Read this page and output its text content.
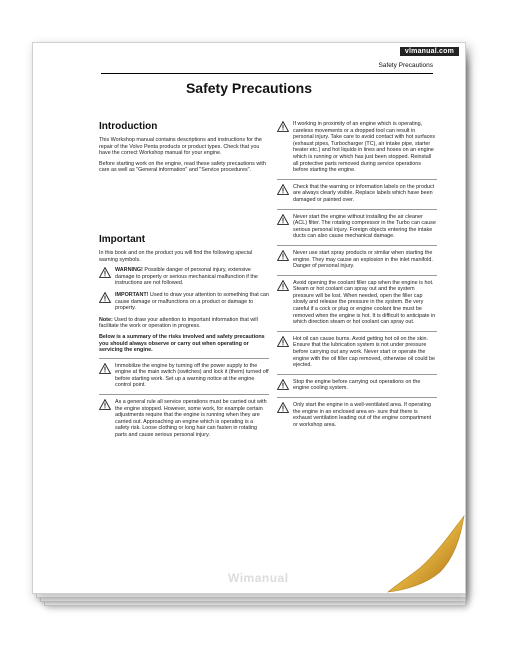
vlmanual.com
Safety Precautions
Safety Precautions
Introduction

This Workshop manual contains descriptions and instructions for the repair of the Volvo Penta products or product types. Check that you have the correct Workshop manual for your engine.

Before starting work on the engine, read these safety precautions with care as well as "General information" and "Service procedures".

Important

In this book and on the product you will find the following special warning symbols.

WARNING! Possible danger of personal injury, extensive damage to property or serious mechanical malfunction if the instructions are not followed.
IMPORTANT! Used to draw your attention to something that can cause damage or malfunctions on a product or damage to property.

Note: Used to draw your attention to important information that will facilitate the work or operation in progress.

Below is a summary of the risks involved and safety precautions you should always observe or carry out when operating or servicing the engine.

Immobilize the engine by turning off the power supply to the engine at the main switch (switches) and lock it (them) turned off before starting work. Set up a warning notice at the engine control point.
As a general rule all service operations must be carried out with the engine stopped. However, some work, for example certain adjustments require that the engine is running when they are carried out. Approaching an engine which is operating is a safety risk. Loose clothing or long hair can fasten in rotating parts and cause serious personal injury.
If working in proximity of an engine which is operating, careless movements or a dropped tool can result in personal injury. Take care to avoid contact with hot surfaces (exhaust pipes, Turbocharger (TC), air intake pipe, starter heater etc.) and hot liquids in lines and hoses on an engine which is running or which has just been stopped. Reinstall all protective parts removed during service operations before starting the engine.
Check that the warning or information labels on the product are always clearly visible. Replace labels which have been damaged or painted over.
Never start the engine without installing the air cleaner (ACL) filter. The rotating compressor in the Turbo can cause serious personal injury. Foreign objects entering the intake ducts can also cause mechanical damage.
Never use start spray products or similar when starting the engine. They may cause an explosion in the inlet manifold. Danger of personal injury.
Avoid opening the coolant filler cap when the engine is hot. Steam or hot coolant can spray out and the system pressure will be lost. When needed, open the filler cap slowly and release the pressure in the system. Be very careful if a cock or plug or engine coolant line must be removed when the engine is hot. It is difficult to anticipate in which direction steam or hot coolant can spray out.
Hot oil can cause burns. Avoid getting hot oil on the skin. Ensure that the lubrication system is not under pressure before carrying out any work. Never start or operate the engine with the oil filler cap removed, otherwise oil could be ejected.
Stop the engine before carrying out operations on the engine cooling system.
Only start the engine in a well-ventilated area. If operating the engine in an enclosed area en- sure that there is exhaust ventilation leading out of the engine compartment or workshop area.
Wimanual
